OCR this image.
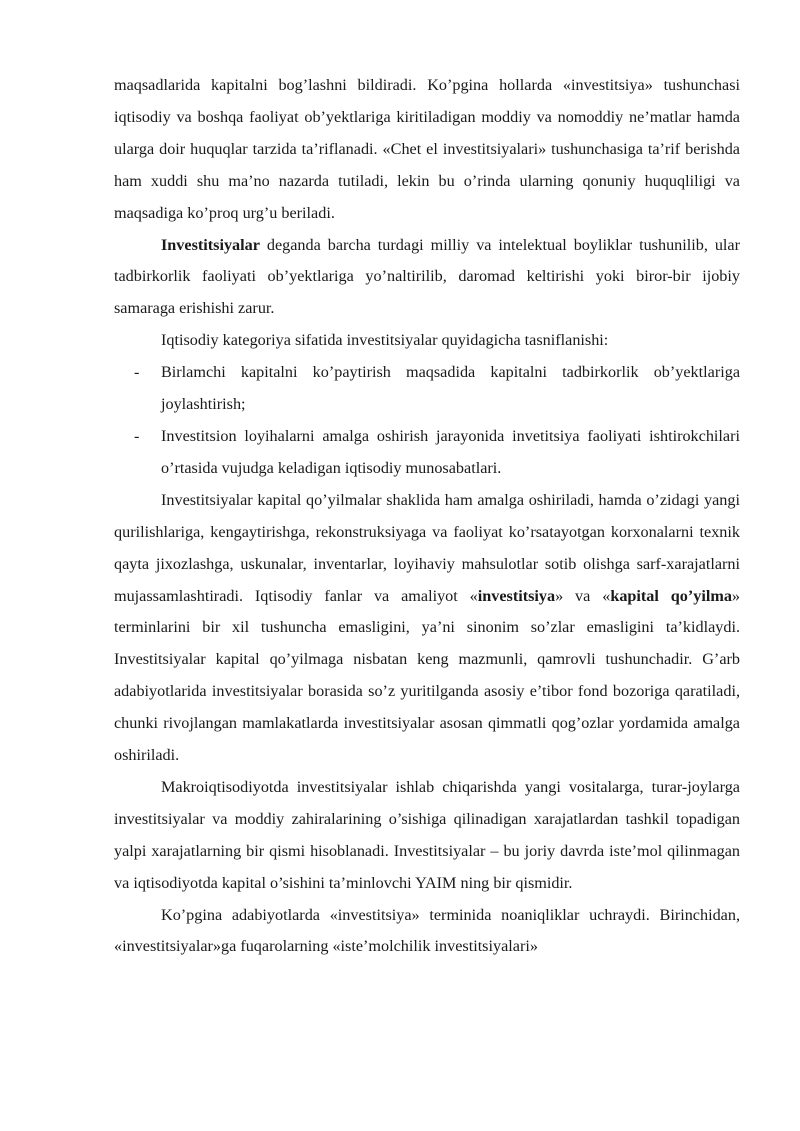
maqsadlarida kapitalni bog’lashni bildiradi. Ko’pgina hollarda «investitsiya» tushunchasi iqtisodiy va boshqa faoliyat ob’yektlariga kiritiladigan moddiy va nomoddiy ne’matlar hamda ularga doir huquqlar tarzida ta’riflanadi. «Chet el investitsiyalari» tushunchasiga ta’rif berishda ham xuddi shu ma’no nazarda tutiladi, lekin bu o’rinda ularning qonuniy huquqliligi va maqsadiga ko’proq urg’u beriladi.

Investitsiyalar deganda barcha turdagi milliy va intelektual boyliklar tushunilib, ular tadbirkorlik faoliyati ob’yektlariga yo’naltirilib, daromad keltirishi yoki biror-bir ijobiy samaraga erishishi zarur.

Iqtisodiy kategoriya sifatida investitsiyalar quyidagicha tasniflanishi:

- Birlamchi kapitalni ko’paytirish maqsadida kapitalni tadbirkorlik ob’yektlariga joylashtirish;
- Investitsion loyihalarni amalga oshirish jarayonida invetitsiya faoliyati ishtirokchilari o’rtasida vujudga keladigan iqtisodiy munosabatlari.

Investitsiyalar kapital qo’yilmalar shaklida ham amalga oshiriladi, hamda o’zidagi yangi qurilishlariga, kengaytirishga, rekonstruksiyaga va faoliyat ko’rsatayotgan korxonalarni texnik qayta jixozlashga, uskunalar, inventarlar, loyihaviy mahsulotlar sotib olishga sarf-xarajatlarni mujassamlashtiradi. Iqtisodiy fanlar va amaliyot «investitsiya» va «kapital qo’yilma» terminlarini bir xil tushuncha emasligini, ya’ni sinonim so’zlar emasligini ta’kidlaydi. Investitsiyalar kapital qo’yilmaga nisbatan keng mazmunli, qamrovli tushunchadir. G’arb adabiyotlarida investitsiyalar borasida so’z yuritilganda asosiy e’tibor fond bozoriga qaratiladi, chunki rivojlangan mamlakatlarda investitsiyalar asosan qimmatli qog’ozlar yordamida amalga oshiriladi.

Makroiqtisodiyotda investitsiyalar ishlab chiqarishda yangi vositalarga, turar-joylarga investitsiyalar va moddiy zahiralarining o’sishiga qilinadigan xarajatlardan tashkil topadigan yalpi xarajatlarning bir qismi hisoblanadi. Investitsiyalar – bu joriy davrda iste’mol qilinmagan va iqtisodiyotda kapital o’sishini ta’minlovchi YAIM ning bir qismidir.

Ko’pgina adabiyotlarda «investitsiya» terminida noaniqliklar uchraydi. Birinchidan, «investitsiyalar»ga fuqarolarning «iste’molchilik investitsiyalari»
